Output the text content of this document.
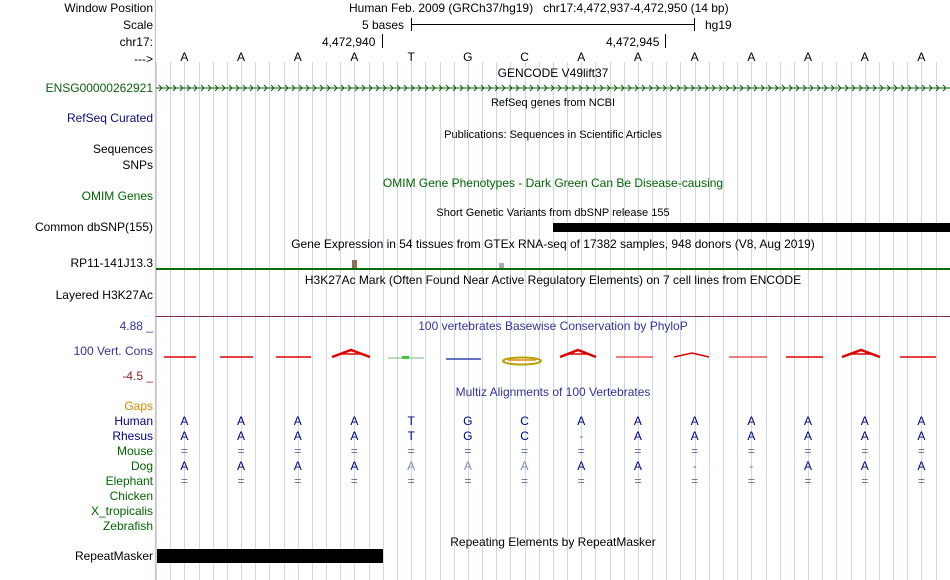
Window Position
Scale
chr17:
--->
Human Feb. 2009 (GRCh37/hg19) chr17:4,472,937-4,472,950 (14 bp)
5 bases	hg19
4,472,940	4,472,945
A	A	A	A	T	G	C	A	A	A	A	A	A	A
GENCODE V49lift37
ENSG00000262921
RefSeq genes from NCBI
RefSeq Curated
Publications: Sequences in Scientific Articles
Sequences
SNPs
OMIM Gene Phenotypes - Dark Green Can Be Disease-causing
OMIM Genes
Short Genetic Variants from dbSNP release 155
Common dbSNP(155)
Gene Expression in 54 tissues from GTEx RNA-seq of 17382 samples, 948 donors (V8, Aug 2019)
RP11-141J13.3
H3K27Ac Mark (Often Found Near Active Regulatory Elements) on 7 cell lines from ENCODE
Layered H3K27Ac
4.88 _	100 vertebrates Basewise Conservation by PhyloP
100 Vert. Cons
-4.5 _
Multiz Alignments of 100 Vertebrates
Gaps
Human A	A	A	A	T	G	C	A	A	A	A	A	A	A
Rhesus A	A	A	A	T	G	C	-	A	A	A	A	A	A
Mouse =	=	=	=	=	=	=	=	=	=	=	=	=	=
Dog A	A	A	A	A	A	A	A	A	-	-	A	A	A
Elephant =	=	=	=	=	=	=	=	=	=	=	=	=	=
Chicken
X_tropicalis
Zebrafish
Repeating Elements by RepeatMasker
RepeatMasker
